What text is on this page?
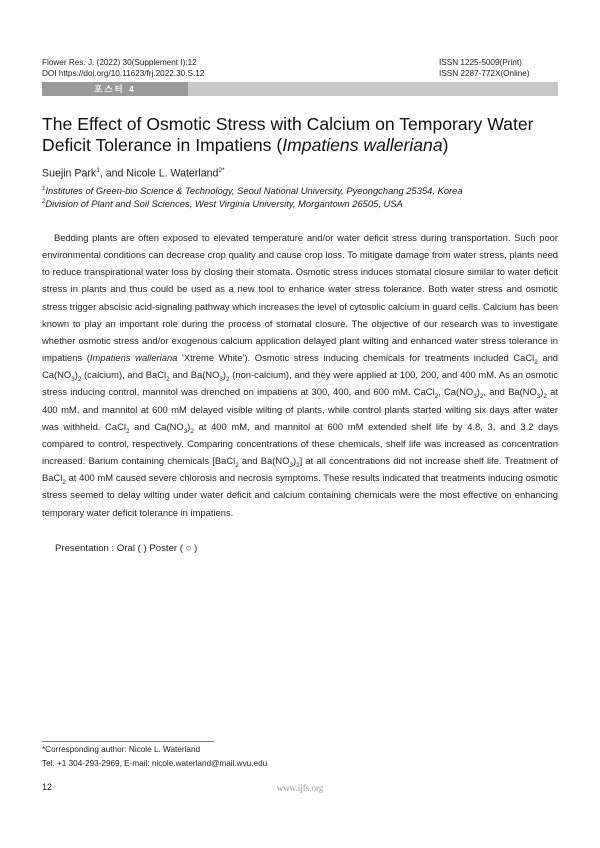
Flower Res. J. (2022) 30(Supplement I):12
DOI https://doi.org/10.11623/frj.2022.30.S.12
ISSN 1225-5009(Print)
ISSN 2287-772X(Online)
포스터 4
The Effect of Osmotic Stress with Calcium on Temporary Water Deficit Tolerance in Impatiens (Impatiens walleriana)
Suejin Park$^1$, and Nicole L. Waterland$^{2*}$
$^1$Institutes of Green-bio Science & Technology, Seoul National University, Pyeongchang 25354, Korea
$^2$Division of Plant and Soil Sciences, West Virginia University, Morgantown 26505, USA

Bedding plants are often exposed to elevated temperature and/or water deficit stress during transportation. Such poor environmental conditions can decrease crop quality and cause crop loss. To mitigate damage from water stress, plants need to reduce transpirational water loss by closing their stomata. Osmotic stress induces stomatal closure similar to water deficit stress in plants and thus could be used as a new tool to enhance water stress tolerance. Both water stress and osmotic stress trigger abscisic acid-signaling pathway which increases the level of cytosolic calcium in guard cells. Calcium has been known to play an important role during the process of stomatal closure. The objective of our research was to investigate whether osmotic stress and/or exogenous calcium application delayed plant wilting and enhanced water stress tolerance in impatiens (Impatiens walleriana 'Xtreme White'). Osmotic stress inducing chemicals for treatments included CaCl$_2$ and $Ca(NO_3)_2$ (calcium), and BaCl$_2$ and $Ba(NO_3)_2$ (non-calcium), and they were applied at 100, 200, and 400 mM. As an osmotic stress inducing control, mannitol was drenched on impatiens at 300, 400, and 600 mM. CaCl$_2$, $Ca(NO_3)_2$, and $Ba(NO_3)_2$ at 400 mM, and mannitol at 600 mM delayed visible wilting of plants, while control plants started wilting six days after water was withheld. CaCl$_2$ and $Ca(NO_3)_2$ at 400 mM, and mannitol at 600 mM extended shelf life by 4.8, 3, and 3.2 days compared to control, respectively. Comparing concentrations of these chemicals, shelf life was increased as concentration increased. Barium containing chemicals [BaCl$_2$ and $Ba(NO_3)_2$] at all concentrations did not increase shelf life. Treatment of BaCl$_2$ at 400 mM caused severe chlorosis and necrosis symptoms. These results indicated that treatments inducing osmotic stress seemed to delay wilting under water deficit and calcium containing chemicals were the most effective on enhancing temporary water deficit tolerance in impatiens.

Presentation : Oral ( ) Poster ( ○ )
*Corresponding author: Nicole L. Waterland
Tel. +1 304-293-2969, E-mail: nicole.waterland@mail.wvu.edu
12	www.ijfs.org
